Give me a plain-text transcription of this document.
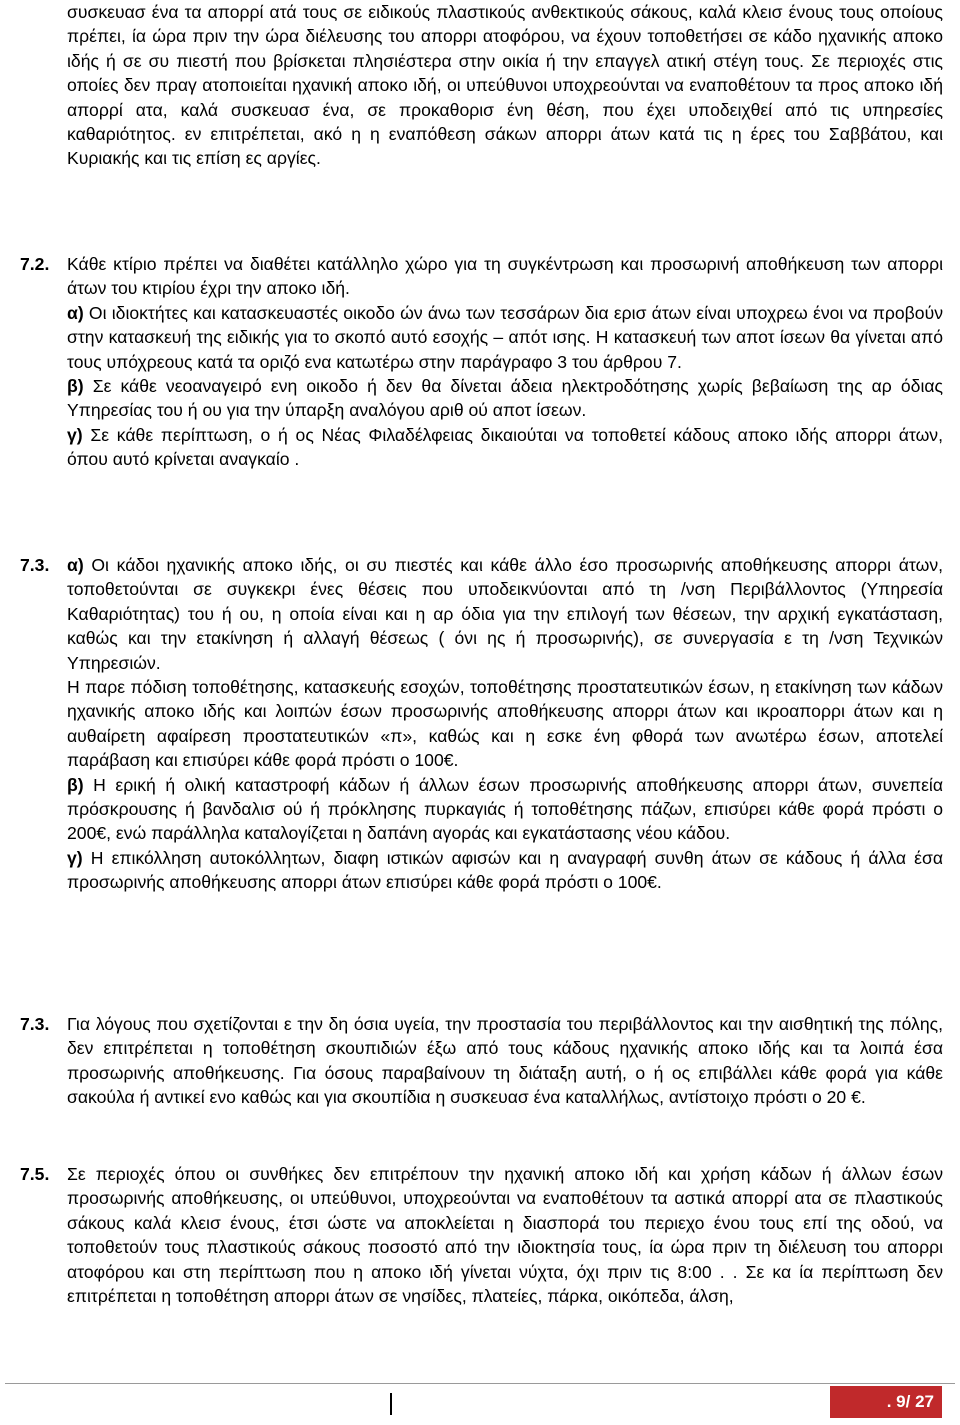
συσκευασ ένα τα απορρί ατά τους σε ειδικούς πλαστικούς ανθεκτικούς σάκους, καλά κλεισ ένους τους οποίους πρέπει, ία ώρα πριν την ώρα διέλευσης του απορρι ατοφόρου, να έχουν τοποθετήσει σε κάδο ηχανικής αποκο ιδής ή σε συ πιεστή που βρίσκεται πλησιέστερα στην οικία ή την επαγγελ ατική στέγη τους. Σε περιοχές στις οποίες δεν πραγ ατοποιείται ηχανική αποκο ιδή, οι υπεύθυνοι υποχρεούνται να εναποθέτουν τα προς αποκο ιδή απορρί ατα, καλά συσκευασ ένα, σε προκαθορισ ένη θέση, που έχει υποδειχθεί από τις υπηρεσίες καθαριότητος. εν επιτρέπεται, ακό η η εναπόθεση σάκων απορρι άτων κατά τις η έρες του Σαββάτου, και Κυριακής και τις επίση ες αργίες.

7.2. Κάθε κτίριο πρέπει να διαθέτει κατάλληλο χώρο για τη συγκέντρωση και προσωρινή αποθήκευση των απορρι άτων του κτιρίου έχρι την αποκο ιδή.

α) Οι ιδιοκτήτες και κατασκευαστές οικοδο ών άνω των τεσσάρων δια ερισ άτων είναι υποχρεω ένοι να προβούν στην κατασκευή της ειδικής για το σκοπό αυτό εσοχής – απότ ισης. Η κατασκευή των αποτ ίσεων θα γίνεται από τους υπόχρεους κατά τα οριζό ενα κατωτέρω στην παράγραφο 3 του άρθρου 7.

β) Σε κάθε νεοαναγειρό ενη οικοδο ή δεν θα δίνεται άδεια ηλεκτροδότησης χωρίς βεβαίωση της αρ όδιας Υπηρεσίας του ή ου για την ύπαρξη αναλόγου αριθ ού αποτ ίσεων.

γ) Σε κάθε περίπτωση, ο ή ος Νέας Φιλαδέλφειας δικαιούται να τοποθετεί κάδους αποκο ιδής απορρι άτων, όπου αυτό κρίνεται αναγκαίο .

7.3. α) Οι κάδοι ηχανικής αποκο ιδής, οι συ πιεστές και κάθε άλλο έσο προσωρινής αποθήκευσης απορρι άτων, τοποθετούνται σε συγκεκρι ένες θέσεις που υποδεικνύονται από τη /νση Περιβάλλοντος (Υπηρεσία Καθαριότητας) του ή ου, η οποία είναι και η αρ όδια για την επιλογή των θέσεων, την αρχική εγκατάσταση, καθώς και την ετακίνηση ή αλλαγή θέσεως ( όνι ης ή προσωρινής), σε συνεργασία ε τη /νση Τεχνικών Υπηρεσιών.

Η παρε πόδιση τοποθέτησης, κατασκευής εσοχών, τοποθέτησης προστατευτικών έσων, η ετακίνηση των κάδων ηχανικής αποκο ιδής και λοιπών έσων προσωρινής αποθήκευσης απορρι άτων και ικροαπορρι άτων και η αυθαίρετη αφαίρεση προστατευτικών «π», καθώς και η εσκε ένη φθορά των ανωτέρω έσων, αποτελεί παράβαση και επισύρει κάθε φορά πρόστι ο 100€.

β) Η ερική ή ολική καταστροφή κάδων ή άλλων έσων προσωρινής αποθήκευσης απορρι άτων, συνεπεία πρόσκρουσης ή βανδαλισ ού ή πρόκλησης πυρκαγιάς ή τοποθέτησης πάζων, επισύρει κάθε φορά πρόστι ο 200€, ενώ παράλληλα καταλογίζεται η δαπάνη αγοράς και εγκατάστασης νέου κάδου.

γ) Η επικόλληση αυτοκόλλητων, διαφη ιστικών αφισών και η αναγραφή συνθη άτων σε κάδους ή άλλα έσα προσωρινής αποθήκευσης απορρι άτων επισύρει κάθε φορά πρόστι ο 100€.

7.3. Για λόγους που σχετίζονται ε την δη όσια υγεία, την προστασία του περιβάλλοντος και την αισθητική της πόλης, δεν επιτρέπεται η τοποθέτηση σκουπιδιών έξω από τους κάδους ηχανικής αποκο ιδής και τα λοιπά έσα προσωρινής αποθήκευσης. Για όσους παραβαίνουν τη διάταξη αυτή, ο ή ος επιβάλλει κάθε φορά για κάθε σακούλα ή αντικεί ενο καθώς και για σκουπίδια η συσκευασ ένα καταλλήλως, αντίστοιχο πρόστι ο 20 €.

7.5. Σε περιοχές όπου οι συνθήκες δεν επιτρέπουν την ηχανική αποκο ιδή και χρήση κάδων ή άλλων έσων προσωρινής αποθήκευσης, οι υπεύθυνοι, υποχρεούνται να εναποθέτουν τα αστικά απορρί ατα σε πλαστικούς σάκους καλά κλεισ ένους, έτσι ώστε να αποκλείεται η διασπορά του περιεχο ένου τους επί της οδού, να τοποθετούν τους πλαστικούς σάκους ποσοστό από την ιδιοκτησία τους, ία ώρα πριν τη διέλευση του απορρι ατοφόρου και στη περίπτωση που η αποκο ιδή γίνεται νύχτα, όχι πριν τις 8:00 . . Σε κα ία περίπτωση δεν επιτρέπεται η τοποθέτηση απορρι άτων σε νησίδες, πλατείες, πάρκα, οικόπεδα, άλση,

. 9/ 27
